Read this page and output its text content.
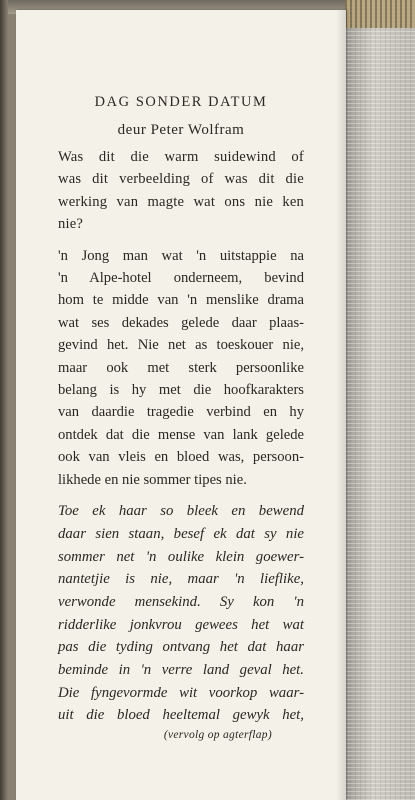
DAG SONDER DATUM
deur Peter Wolfram
Was dit die warm suidewind of
was dit verbeelding of was dit die
werking van magte wat ons nie ken
nie?
'n Jong man wat 'n uitstappie na
'n Alpe-hotel onderneem, bevind
hom te midde van 'n menslike drama
wat ses dekades gelede daar plaas-
gevind het. Nie net as toeskouer nie,
maar ook met sterk persoonlike
belang is hy met die hoofkarakters
van daardie tragedie verbind en hy
ontdek dat die mense van lank gelede
ook van vleis en bloed was, persoon-
likhede en nie sommer tipes nie.
Toe ek haar so bleek en bewend
daar sien staan, besef ek dat sy nie
sommer net 'n oulike klein goewer-
nantetjie is nie, maar 'n lieflike,
verwonde mensekind. Sy kon 'n
ridderlike jonkvrou gewees het wat
pas die tyding ontvang het dat haar
beminde in 'n verre land geval het.
Die fyngevormde wit voorkop waar-
uit die bloed heeltemal gewyk het,
(vervolg op agterflap)
